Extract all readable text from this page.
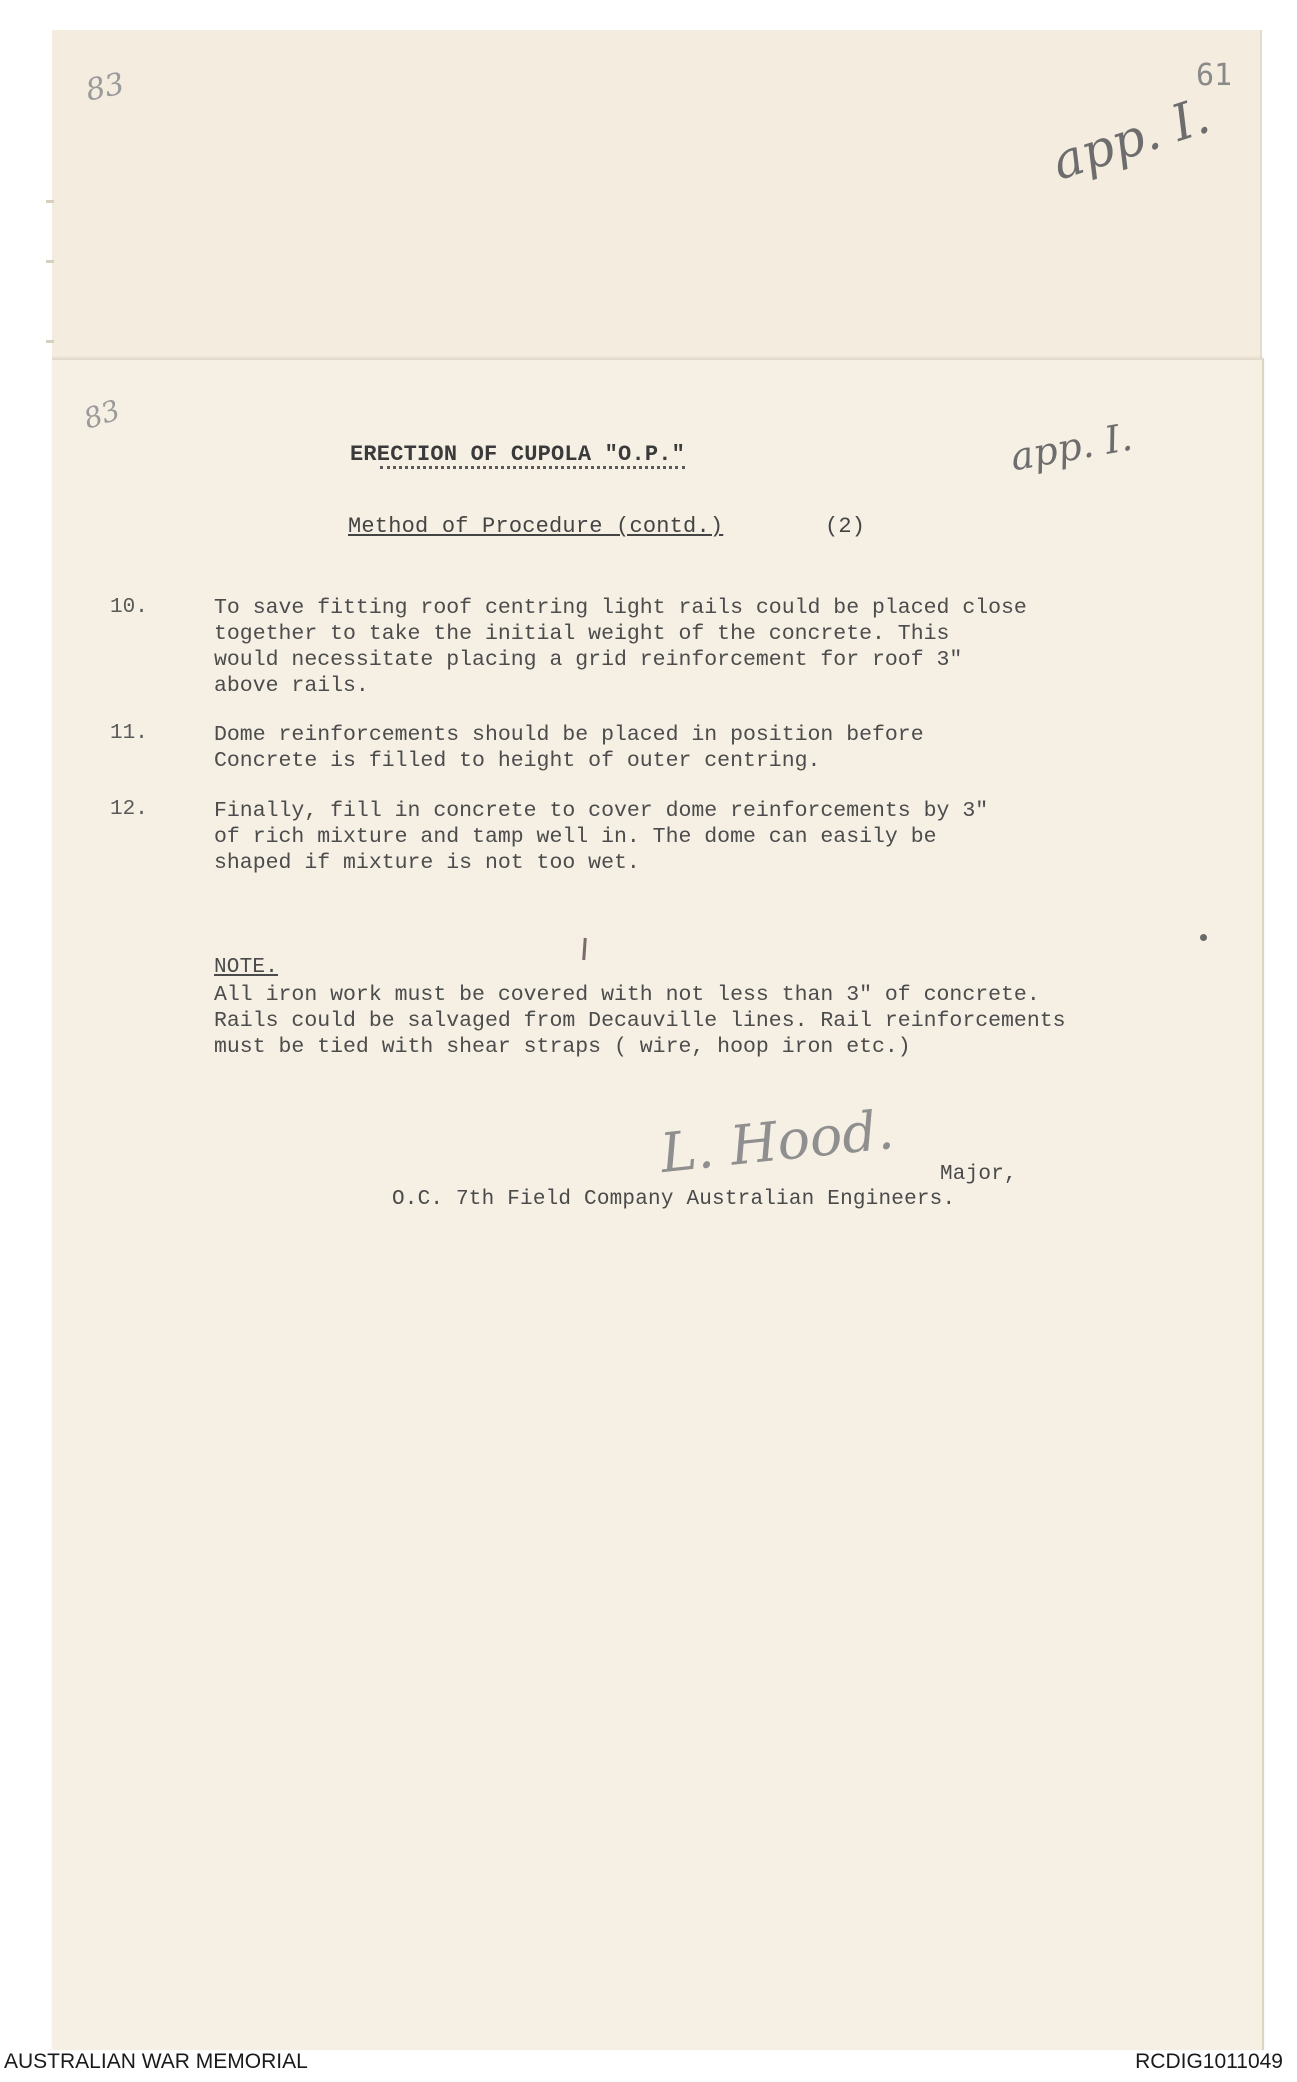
83	app. I.
61
83
app. I.
ERECTION OF CUPOLA "O.P."
Method of Procedure (contd.)	(2)
10.	To save fitting roof centring light rails could be placed close
together to take the initial weight of the concrete. This
would necessitate placing a grid reinforcement for roof 3"
above rails.
11.	Dome reinforcements should be placed in position before
Concrete is filled to height of outer centring.
12.	Finally, fill in concrete to cover dome reinforcements by 3"
of rich mixture and tamp well in. The dome can easily be
shaped if mixture is not too wet.
NOTE.
All iron work must be covered with not less than 3" of concrete.
Rails could be salvaged from Decauville lines. Rail reinforcements
must be tied with shear straps ( wire, hoop iron etc.)
L. Hood. Major,
O.C. 7th Field Company Australian Engineers.
AUSTRALIAN WAR MEMORIAL	RCDIG1011049
